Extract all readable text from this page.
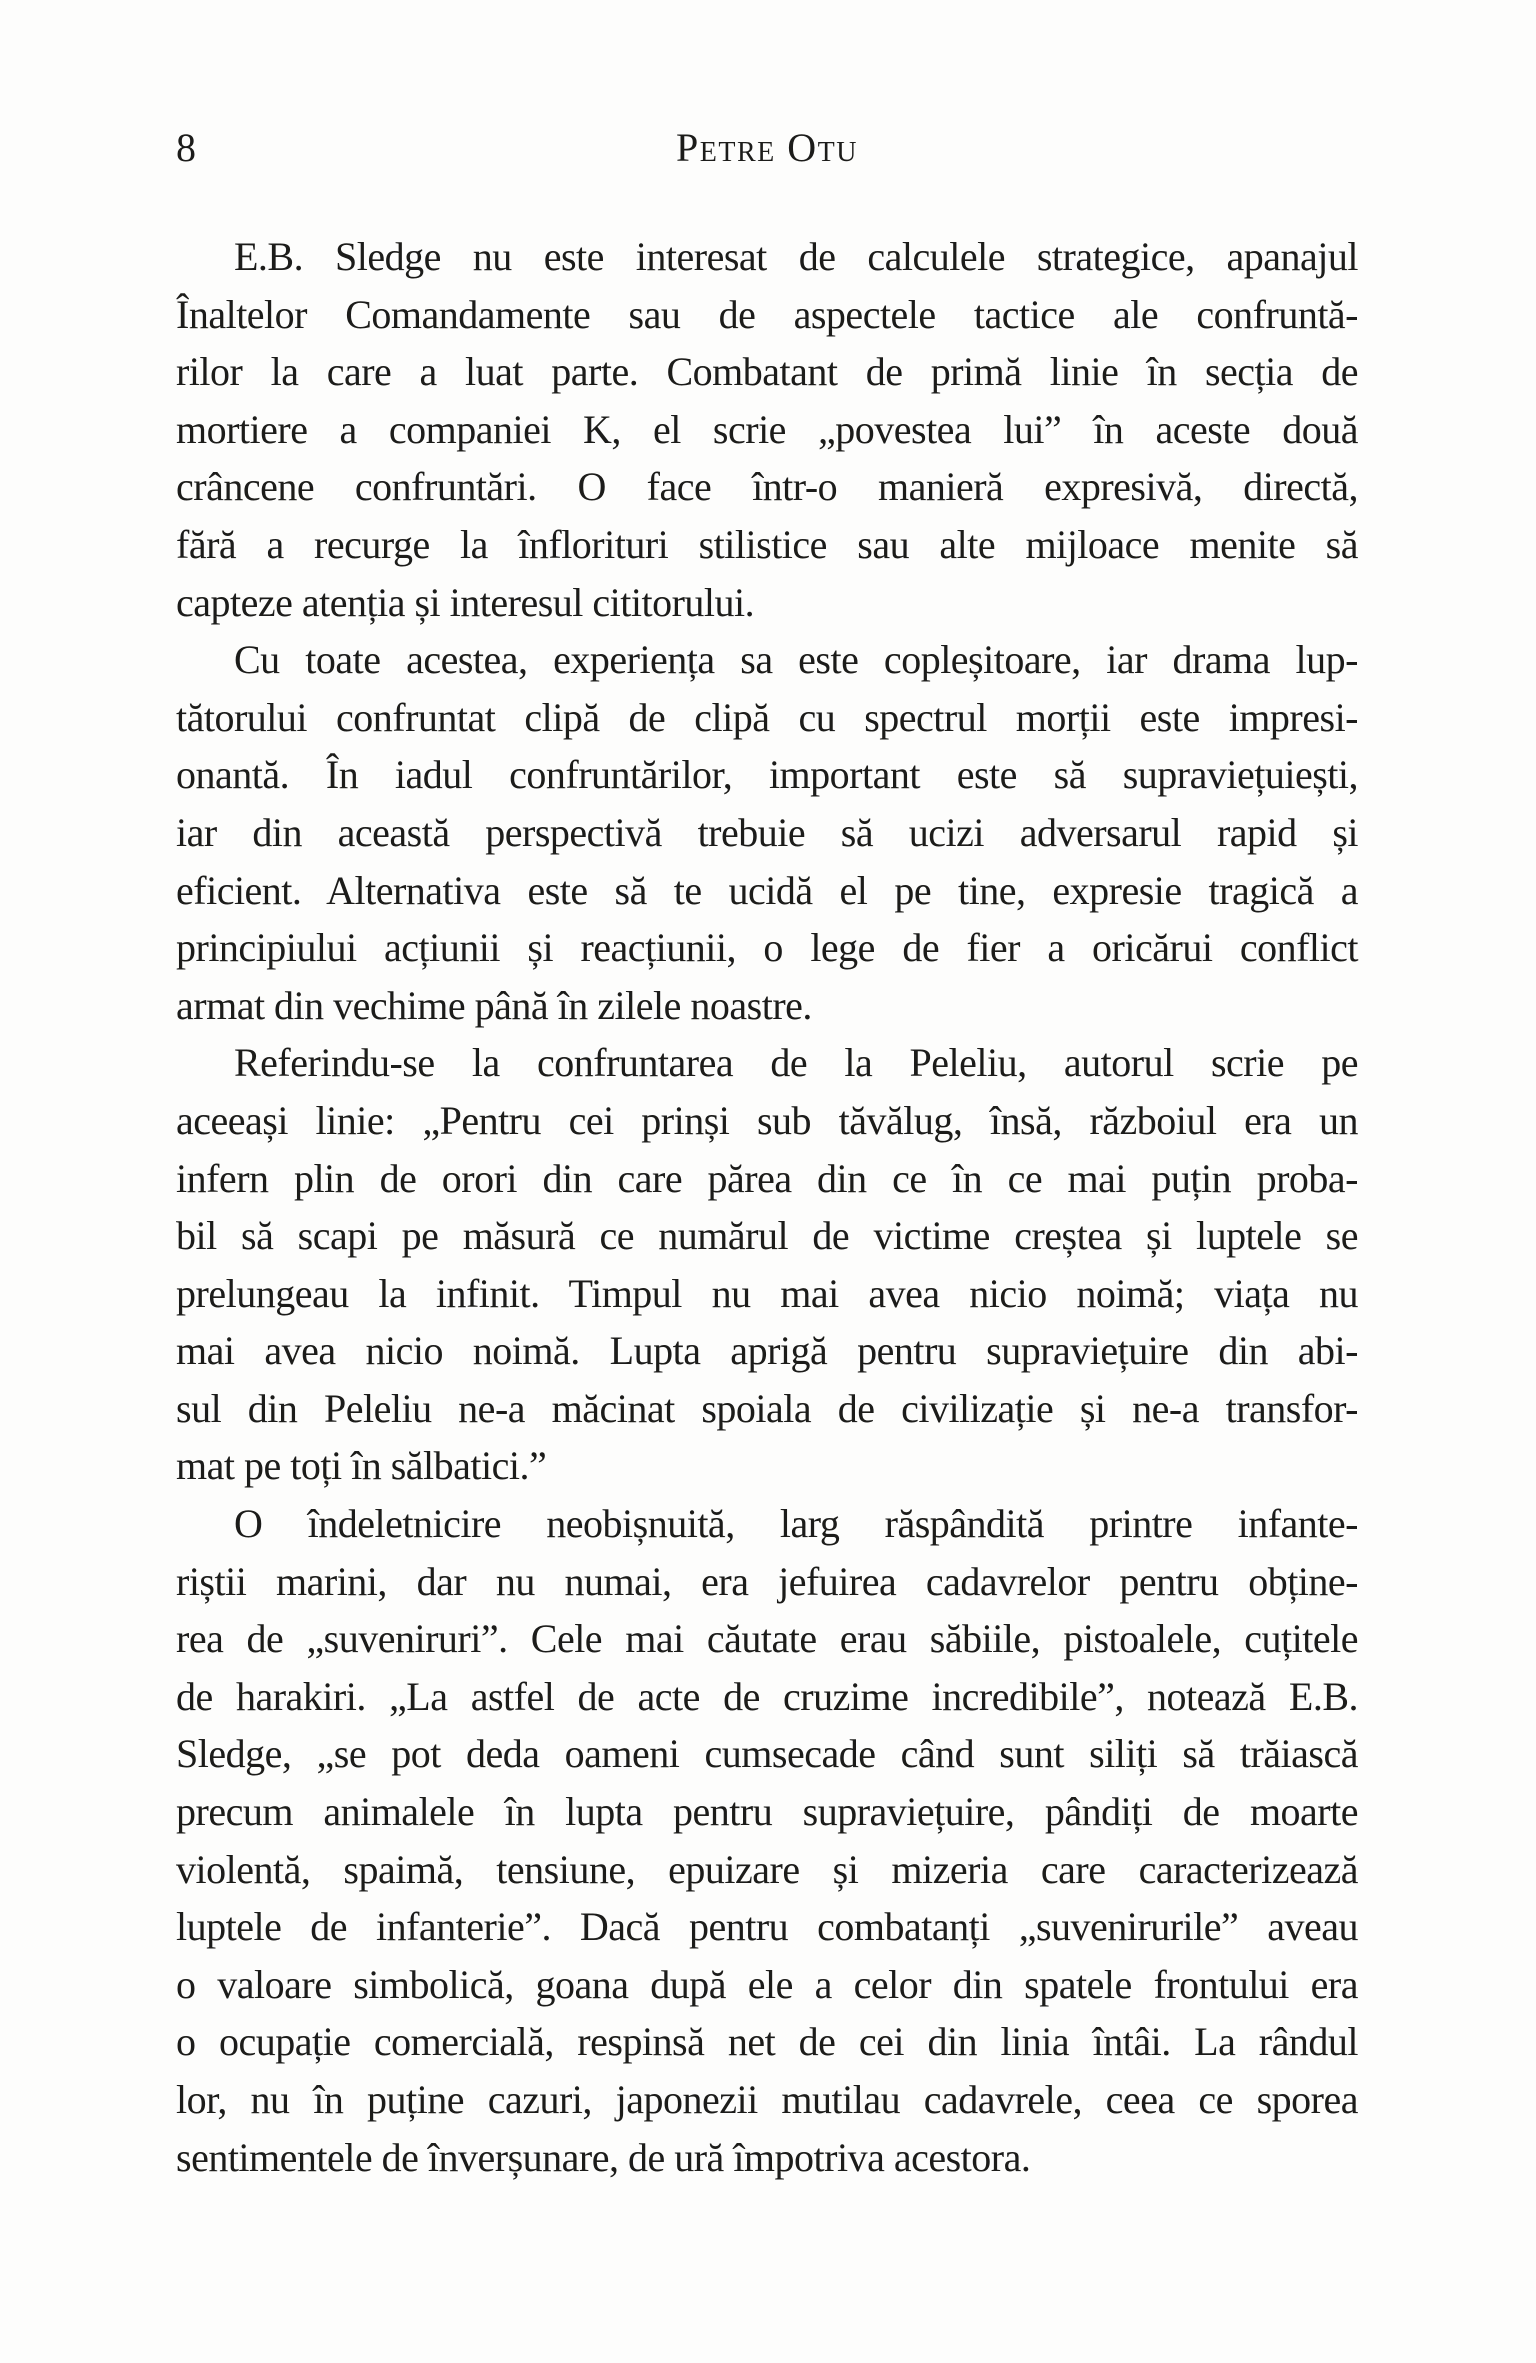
8	Petre Otu
E.B. Sledge nu este interesat de calculele strategice, apanajul
Înaltelor Comandamente sau de aspectele tactice ale confruntă-
rilor la care a luat parte. Combatant de primă linie în secția de
mortiere a companiei K, el scrie „povestea lui” în aceste două
crâncene confruntări. O face într-o manieră expresivă, directă,
fără a recurge la înflorituri stilistice sau alte mijloace menite să
capteze atenția și interesul cititorului.
Cu toate acestea, experiența sa este copleșitoare, iar drama lup-
tătorului confruntat clipă de clipă cu spectrul morții este impresi-
onantă. În iadul confruntărilor, important este să supraviețuiești,
iar din această perspectivă trebuie să ucizi adversarul rapid și
eficient. Alternativa este să te ucidă el pe tine, expresie tragică a
principiului acțiunii și reacțiunii, o lege de fier a oricărui conflict
armat din vechime până în zilele noastre.
Referindu-se la confruntarea de la Peleliu, autorul scrie pe
aceeași linie: „Pentru cei prinși sub tăvălug, însă, războiul era un
infern plin de orori din care părea din ce în ce mai puțin proba-
bil să scapi pe măsură ce numărul de victime creștea și luptele se
prelungeau la infinit. Timpul nu mai avea nicio noimă; viața nu
mai avea nicio noimă. Lupta aprigă pentru supraviețuire din abi-
sul din Peleliu ne-a măcinat spoiala de civilizație și ne-a transfor-
mat pe toți în sălbatici.”
O îndeletnicire neobișnuită, larg răspândită printre infante-
riștii marini, dar nu numai, era jefuirea cadavrelor pentru obține-
rea de „suveniruri”. Cele mai căutate erau săbiile, pistoalele, cuțitele
de harakiri. „La astfel de acte de cruzime incredibile”, notează E.B.
Sledge, „se pot deda oameni cumsecade când sunt siliți să trăiască
precum animalele în lupta pentru supraviețuire, pândiți de moarte
violentă, spaimă, tensiune, epuizare și mizeria care caracterizează
luptele de infanterie”. Dacă pentru combatanți „suvenirurile” aveau
o valoare simbolică, goana după ele a celor din spatele frontului era
o ocupație comercială, respinsă net de cei din linia întâi. La rândul
lor, nu în puține cazuri, japonezii mutilau cadavrele, ceea ce sporea
sentimentele de înverșunare, de ură împotriva acestora.
